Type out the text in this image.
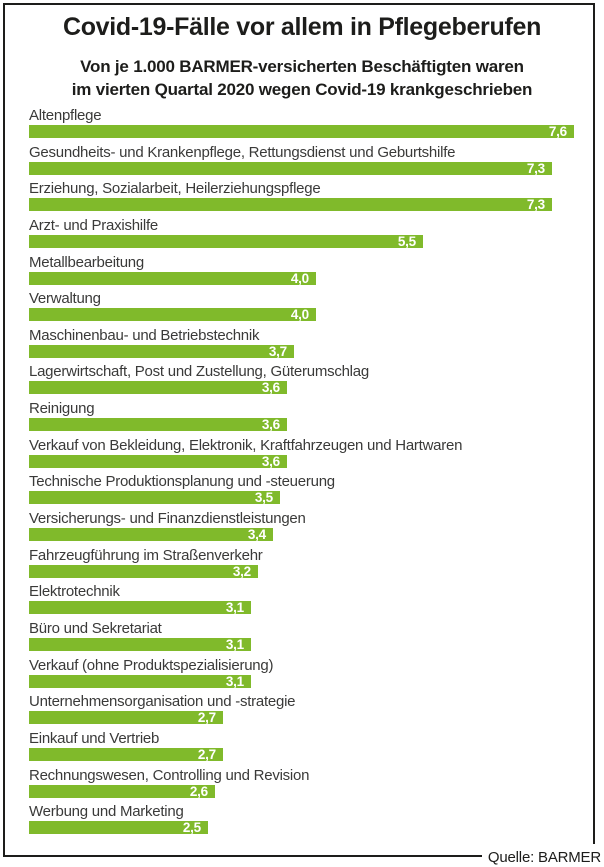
Covid-19-Fälle vor allem in Pflegeberufen
Von je 1.000 BARMER-versicherten Beschäftigten waren
im vierten Quartal 2020 wegen Covid-19 krankgeschrieben
Altenpflege
7,6
Gesundheits- und Krankenpflege, Rettungsdienst und Geburtshilfe
7,3
Erziehung, Sozialarbeit, Heilerziehungspflege
7,3
Arzt- und Praxishilfe
5,5
Metallbearbeitung
4,0
Verwaltung
4,0
Maschinenbau- und Betriebstechnik
3,7
Lagerwirtschaft, Post und Zustellung, Güterumschlag
3,6
Reinigung
3,6
Verkauf von Bekleidung, Elektronik, Kraftfahrzeugen und Hartwaren
3,6
Technische Produktionsplanung und -steuerung
3,5
Versicherungs- und Finanzdienstleistungen
3,4
Fahrzeugführung im Straßenverkehr
3,2
Elektrotechnik
3,1
Büro und Sekretariat
3,1
Verkauf (ohne Produktspezialisierung)
3,1
Unternehmensorganisation und -strategie
2,7
Einkauf und Vertrieb
2,7
Rechnungswesen, Controlling und Revision
2,6
Werbung und Marketing
2,5
Quelle: BARMER
